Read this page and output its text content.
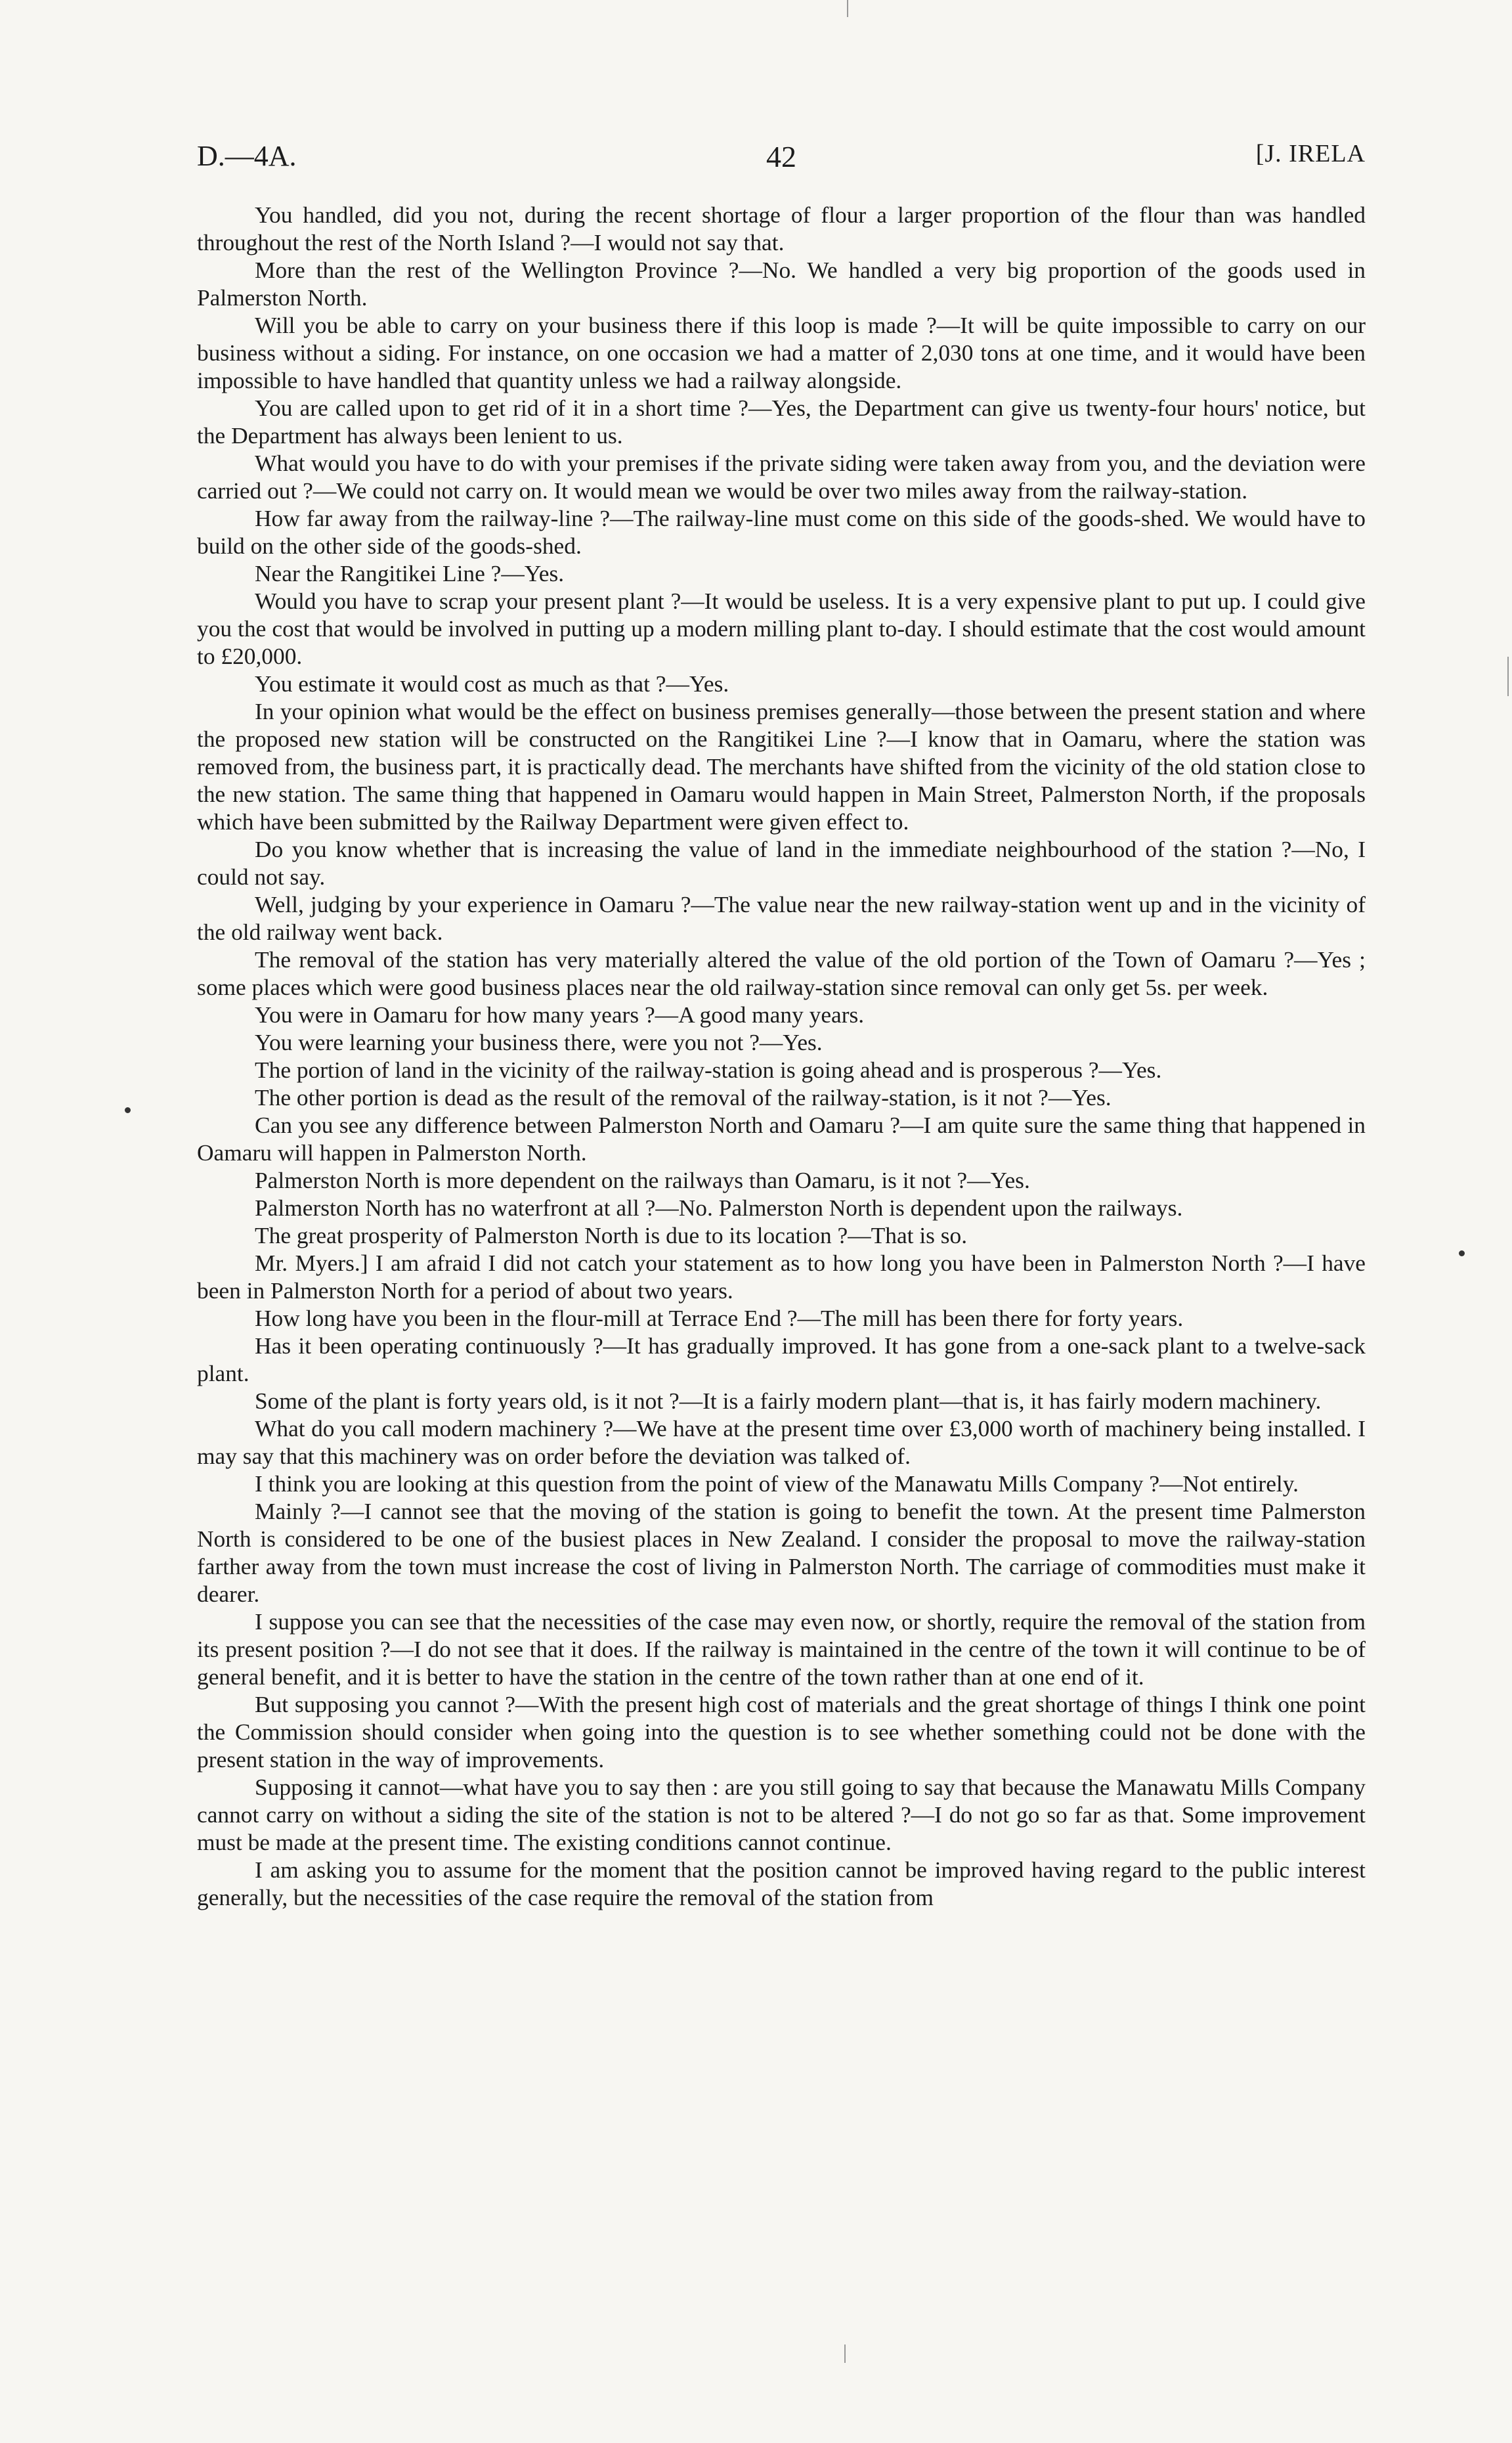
42
D.—4A.	[J. IRELA

You handled, did you not, during the recent shortage of flour a larger proportion of the flour than was handled throughout the rest of the North Island ?—I would not say that.

More than the rest of the Wellington Province ?—No. We handled a very big proportion of the goods used in Palmerston North.

Will you be able to carry on your business there if this loop is made ?—It will be quite impossible to carry on our business without a siding. For instance, on one occasion we had a matter of 2,030 tons at one time, and it would have been impossible to have handled that quantity unless we had a railway alongside.

You are called upon to get rid of it in a short time ?—Yes, the Department can give us twenty-four hours' notice, but the Department has always been lenient to us.

What would you have to do with your premises if the private siding were taken away from you, and the deviation were carried out ?—We could not carry on. It would mean we would be over two miles away from the railway-station.

How far away from the railway-line ?—The railway-line must come on this side of the goods-shed. We would have to build on the other side of the goods-shed.

Near the Rangitikei Line ?—Yes.

Would you have to scrap your present plant ?—It would be useless. It is a very expensive plant to put up. I could give you the cost that would be involved in putting up a modern milling plant to-day. I should estimate that the cost would amount to £20,000.

You estimate it would cost as much as that ?—Yes.

In your opinion what would be the effect on business premises generally—those between the present station and where the proposed new station will be constructed on the Rangitikei Line ?—I know that in Oamaru, where the station was removed from, the business part, it is practically dead. The merchants have shifted from the vicinity of the old station close to the new station. The same thing that happened in Oamaru would happen in Main Street, Palmerston North, if the proposals which have been submitted by the Railway Department were given effect to.

Do you know whether that is increasing the value of land in the immediate neighbourhood of the station ?—No, I could not say.

Well, judging by your experience in Oamaru ?—The value near the new railway-station went up and in the vicinity of the old railway went back.

The removal of the station has very materially altered the value of the old portion of the Town of Oamaru ?—Yes ; some places which were good business places near the old railway-station since removal can only get 5s. per week.

You were in Oamaru for how many years ?—A good many years.

You were learning your business there, were you not ?—Yes.

The portion of land in the vicinity of the railway-station is going ahead and is prosperous ?—Yes.

The other portion is dead as the result of the removal of the railway-station, is it not ?—Yes.

Can you see any difference between Palmerston North and Oamaru ?—I am quite sure the same thing that happened in Oamaru will happen in Palmerston North.

Palmerston North is more dependent on the railways than Oamaru, is it not ?—Yes.

Palmerston North has no waterfront at all ?—No. Palmerston North is dependent upon the railways.

The great prosperity of Palmerston North is due to its location ?—That is so.

Mr. Myers.] I am afraid I did not catch your statement as to how long you have been in Palmerston North ?—I have been in Palmerston North for a period of about two years.

How long have you been in the flour-mill at Terrace End ?—The mill has been there for forty years.

Has it been operating continuously ?—It has gradually improved. It has gone from a one-sack plant to a twelve-sack plant.

Some of the plant is forty years old, is it not ?—It is a fairly modern plant—that is, it has fairly modern machinery.

What do you call modern machinery ?—We have at the present time over £3,000 worth of machinery being installed. I may say that this machinery was on order before the deviation was talked of.

I think you are looking at this question from the point of view of the Manawatu Mills Company ?—Not entirely.

Mainly ?—I cannot see that the moving of the station is going to benefit the town. At the present time Palmerston North is considered to be one of the busiest places in New Zealand. I consider the proposal to move the railway-station farther away from the town must increase the cost of living in Palmerston North. The carriage of commodities must make it dearer.

I suppose you can see that the necessities of the case may even now, or shortly, require the removal of the station from its present position ?—I do not see that it does. If the railway is maintained in the centre of the town it will continue to be of general benefit, and it is better to have the station in the centre of the town rather than at one end of it.

But supposing you cannot ?—With the present high cost of materials and the great shortage of things I think one point the Commission should consider when going into the question is to see whether something could not be done with the present station in the way of improvements.

Supposing it cannot—what have you to say then : are you still going to say that because the Manawatu Mills Company cannot carry on without a siding the site of the station is not to be altered ?—I do not go so far as that. Some improvement must be made at the present time. The existing conditions cannot continue.

I am asking you to assume for the moment that the position cannot be improved having regard to the public interest generally, but the necessities of the case require the removal of the station from
